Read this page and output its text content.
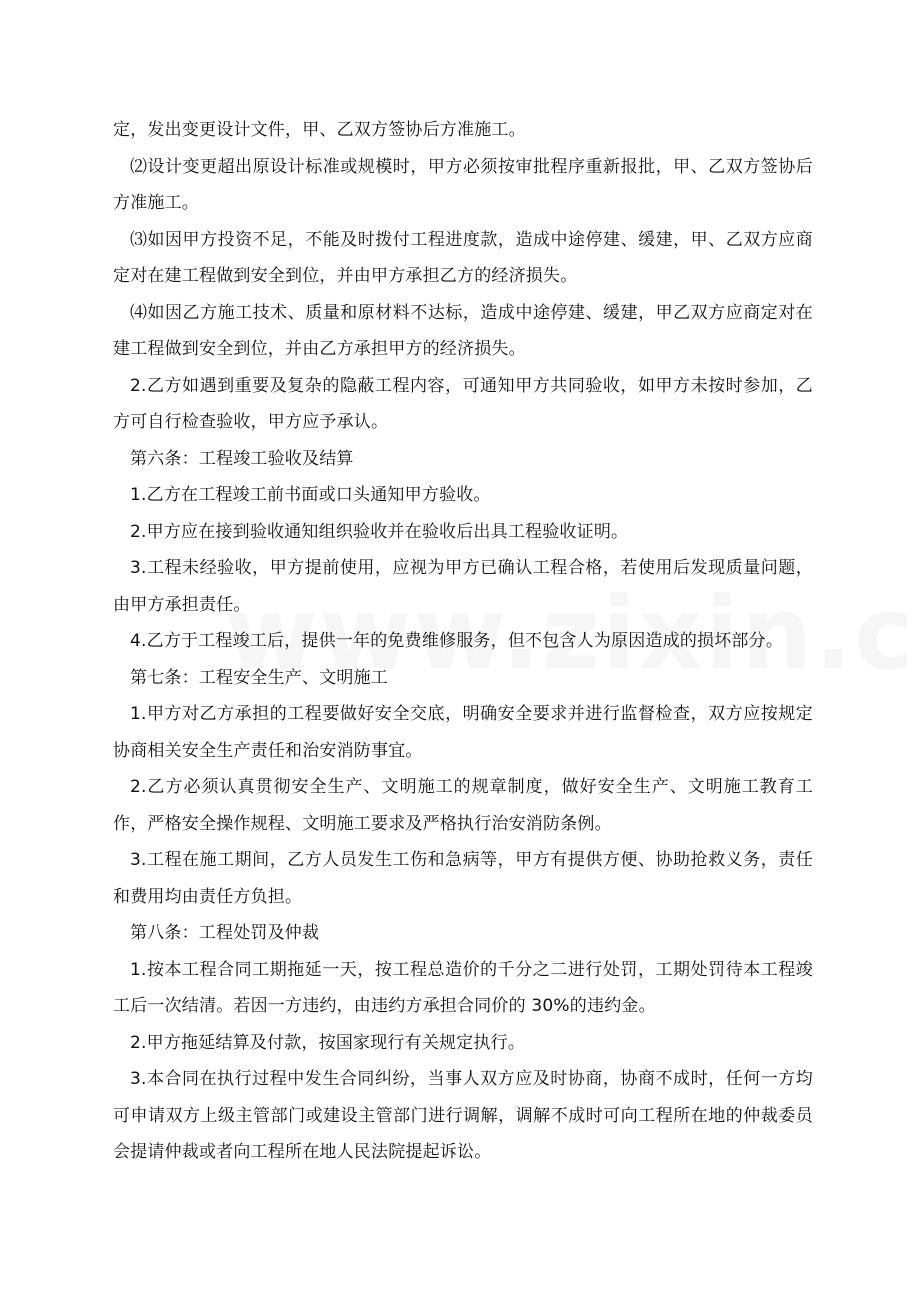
定，发出变更设计文件，甲、乙双方签协后方准施工。

⑵设计变更超出原设计标准或规模时，甲方必须按审批程序重新报批，甲、乙双方签协后方准施工。

⑶如因甲方投资不足，不能及时拨付工程进度款，造成中途停建、缓建，甲、乙双方应商定对在建工程做到安全到位，并由甲方承担乙方的经济损失。

⑷如因乙方施工技术、质量和原材料不达标，造成中途停建、缓建，甲乙双方应商定对在建工程做到安全到位，并由乙方承担甲方的经济损失。

2.乙方如遇到重要及复杂的隐蔽工程内容，可通知甲方共同验收，如甲方未按时参加，乙方可自行检查验收，甲方应予承认。

第六条：工程竣工验收及结算

1.乙方在工程竣工前书面或口头通知甲方验收。

2.甲方应在接到验收通知组织验收并在验收后出具工程验收证明。

3.工程未经验收，甲方提前使用，应视为甲方已确认工程合格，若使用后发现质量问题，由甲方承担责任。

4.乙方于工程竣工后，提供一年的免费维修服务，但不包含人为原因造成的损坏部分。

第七条：工程安全生产、文明施工

1.甲方对乙方承担的工程要做好安全交底，明确安全要求并进行监督检查，双方应按规定协商相关安全生产责任和治安消防事宜。

2.乙方必须认真贯彻安全生产、文明施工的规章制度，做好安全生产、文明施工教育工作，严格安全操作规程、文明施工要求及严格执行治安消防条例。

3.工程在施工期间，乙方人员发生工伤和急病等，甲方有提供方便、协助抢救义务，责任和费用均由责任方负担。

第八条：工程处罚及仲裁

1.按本工程合同工期拖延一天，按工程总造价的千分之二进行处罚，工期处罚待本工程竣工后一次结清。若因一方违约，由违约方承担合同价的 30%的违约金。

2.甲方拖延结算及付款，按国家现行有关规定执行。

3.本合同在执行过程中发生合同纠纷，当事人双方应及时协商，协商不成时，任何一方均可申请双方上级主管部门或建设主管部门进行调解，调解不成时可向工程所在地的仲裁委员会提请仲裁或者向工程所在地人民法院提起诉讼。
